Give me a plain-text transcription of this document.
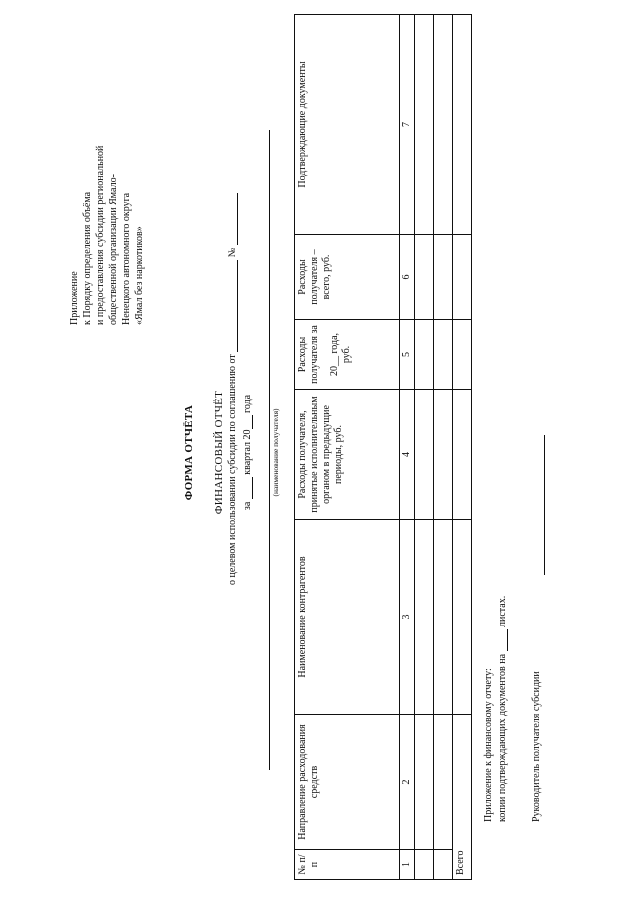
Приложение к Порядку определения объёма и предоставления субсидии региональной общественной организации Ямало- Ненецкого автономного округа «Ямал без наркотиков»
ФОРМА ОТЧЁТА ФИНАНСОВЫЙ ОТЧЁТ о целевом использовании субсидии по соглашению от  №
за  квартал 20 года
(наименование получателя)
№ п/п	Направление расходования средств	Наименование контрагентов	Расходы получателя, принятые исполнительным органом в предыдущие периоды, руб.	Расходы получателя за 20__ года, руб.	Расходы получателя – всего, руб.	Подтверждающие документы
1	2	3	4	5	6	7

Всего						
Приложение к финансовому отчету: копии подтверждающих документов на  листах.
Руководитель получателя субсидии
